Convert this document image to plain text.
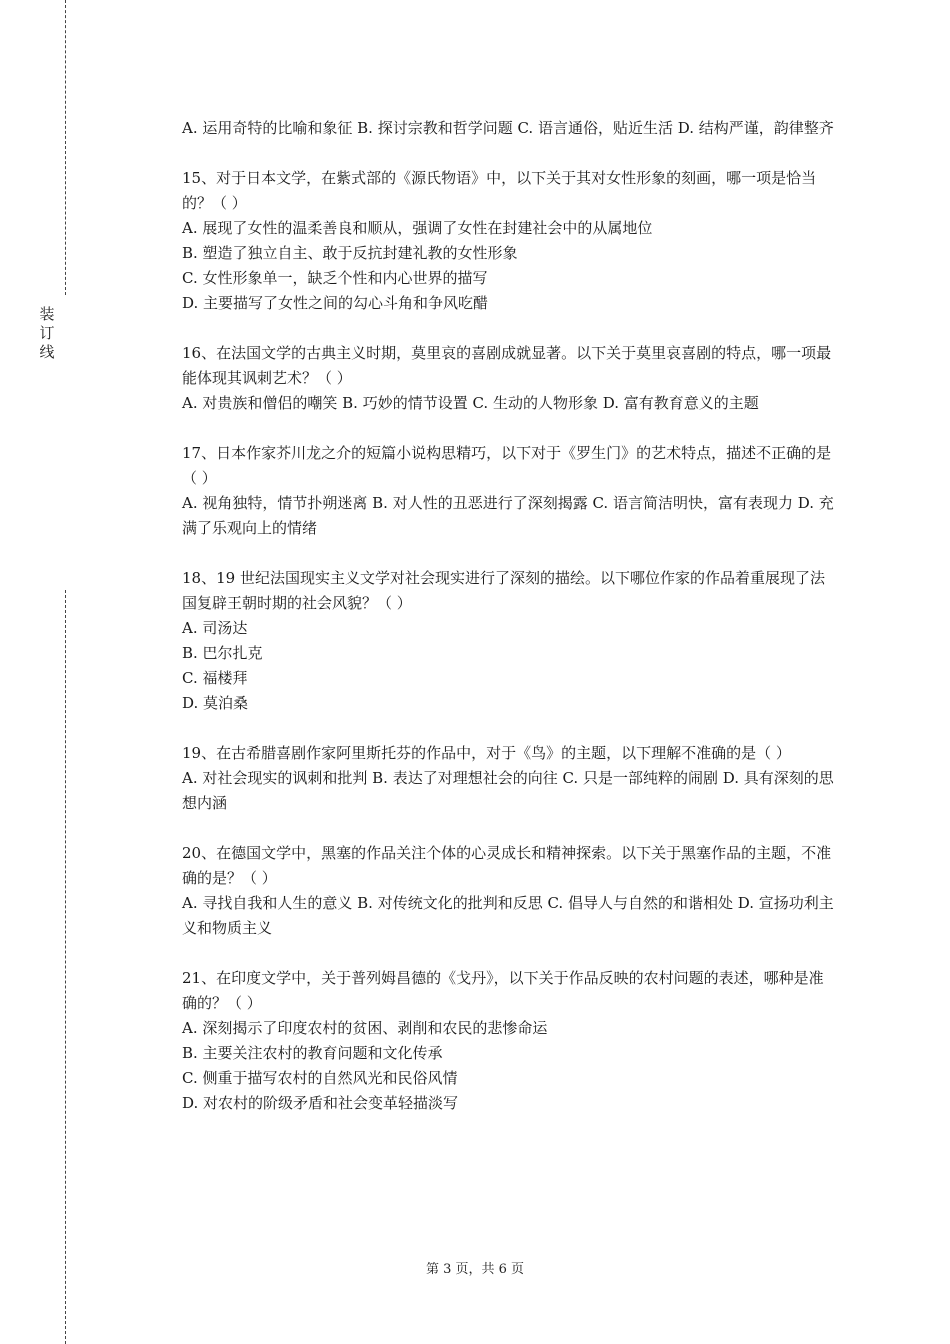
装
订
线

A. 运用奇特的比喻和象征 B. 探讨宗教和哲学问题 C. 语言通俗，贴近生活 D. 结构严谨，韵律整齐

15、对于日本文学，在紫式部的《源氏物语》中，以下关于其对女性形象的刻画，哪一项是恰当的？（ ）

A. 展现了女性的温柔善良和顺从，强调了女性在封建社会中的从属地位

B. 塑造了独立自主、敢于反抗封建礼教的女性形象

C. 女性形象单一，缺乏个性和内心世界的描写

D. 主要描写了女性之间的勾心斗角和争风吃醋

16、在法国文学的古典主义时期，莫里哀的喜剧成就显著。以下关于莫里哀喜剧的特点，哪一项最能体现其讽刺艺术？（ ）

A. 对贵族和僧侣的嘲笑 B. 巧妙的情节设置 C. 生动的人物形象 D. 富有教育意义的主题

17、日本作家芥川龙之介的短篇小说构思精巧，以下对于《罗生门》的艺术特点，描述不正确的是（ ）

A. 视角独特，情节扑朔迷离 B. 对人性的丑恶进行了深刻揭露 C. 语言简洁明快，富有表现力 D. 充满了乐观向上的情绪

18、19 世纪法国现实主义文学对社会现实进行了深刻的描绘。以下哪位作家的作品着重展现了法国复辟王朝时期的社会风貌？（ ）

A. 司汤达

B. 巴尔扎克

C. 福楼拜

D. 莫泊桑

19、在古希腊喜剧作家阿里斯托芬的作品中，对于《鸟》的主题，以下理解不准确的是（ ）

A. 对社会现实的讽刺和批判 B. 表达了对理想社会的向往 C. 只是一部纯粹的闹剧 D. 具有深刻的思想内涵

20、在德国文学中，黑塞的作品关注个体的心灵成长和精神探索。以下关于黑塞作品的主题，不准确的是？（ ）

A. 寻找自我和人生的意义 B. 对传统文化的批判和反思 C. 倡导人与自然的和谐相处 D. 宣扬功利主义和物质主义

21、在印度文学中，关于普列姆昌德的《戈丹》，以下关于作品反映的农村问题的表述，哪种是准确的？（ ）

A. 深刻揭示了印度农村的贫困、剥削和农民的悲惨命运

B. 主要关注农村的教育问题和文化传承

C. 侧重于描写农村的自然风光和民俗风情

D. 对农村的阶级矛盾和社会变革轻描淡写

第 3 页，共 6 页
